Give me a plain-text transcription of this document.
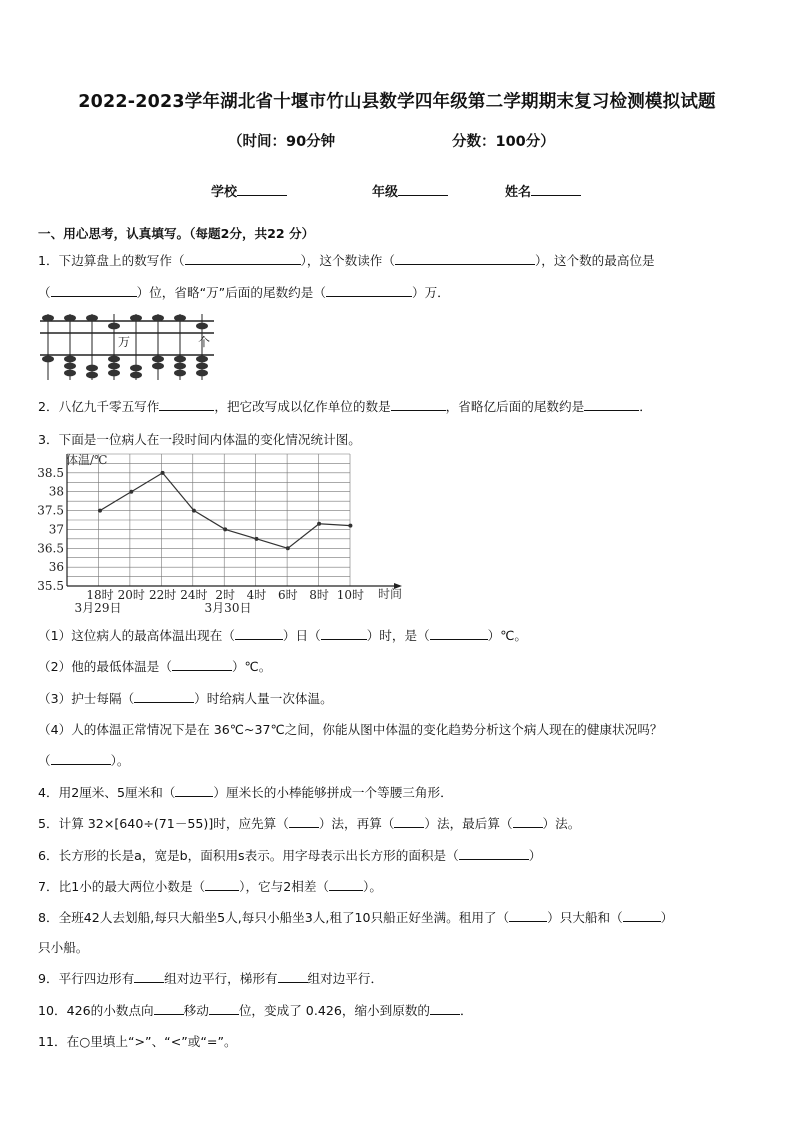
2022-2023学年湖北省十堰市竹山县数学四年级第二学期期末复习检测模拟试题
（时间：90分钟	分数：100分）
学校	年级	姓名
一、用心思考，认真填写。（每题2分，共22 分）
1．下边算盘上的数写作（	），这个数读作（	），这个数的最高位是
（	）位，省略“万”后面的尾数约是（	）万．
万	个
2．八亿九千零五写作	，把它改写成以亿作单位的数是	，省略亿后面的尾数约是	．
3．下面是一位病人在一段时间内体温的变化情况统计图。
体温/℃
时间
35.5
36
36.5
37
37.5
38
38.5
18时 20时 22时 24时 2时 4时 6时 8时 10时
3月29日	3月30日
（1）这位病人的最高体温出现在（	）日（	）时，是（	）℃。
（2）他的最低体温是（	）℃。
（3）护士每隔（	）时给病人量一次体温。
（4）人的体温正常情况下是在 36℃~37℃之间，你能从图中体温的变化趋势分析这个病人现在的健康状况吗？
（	）。
4．用2厘米、5厘米和（	）厘米长的小棒能够拼成一个等腰三角形．
5．计算 32×[640÷(71－55)]时，应先算（ ）法，再算（ ）法，最后算（ ）法。
6．长方形的长是a，宽是b，面积用s表示。用字母表示出长方形的面积是（	）
7．比1小的最大两位小数是（	），它与2相差（	）。
8．全班42人去划船,每只大船坐5人,每只小船坐3人,租了10只船正好坐满。租用了（	）只大船和（	）
只小船。
9．平行四边形有 组对边平行，梯形有 组对边平行．
10．426的小数点向 移动 位，变成了 0.426，缩小到原数的 ．
11．在○里填上“>”、“<”或“=”。
